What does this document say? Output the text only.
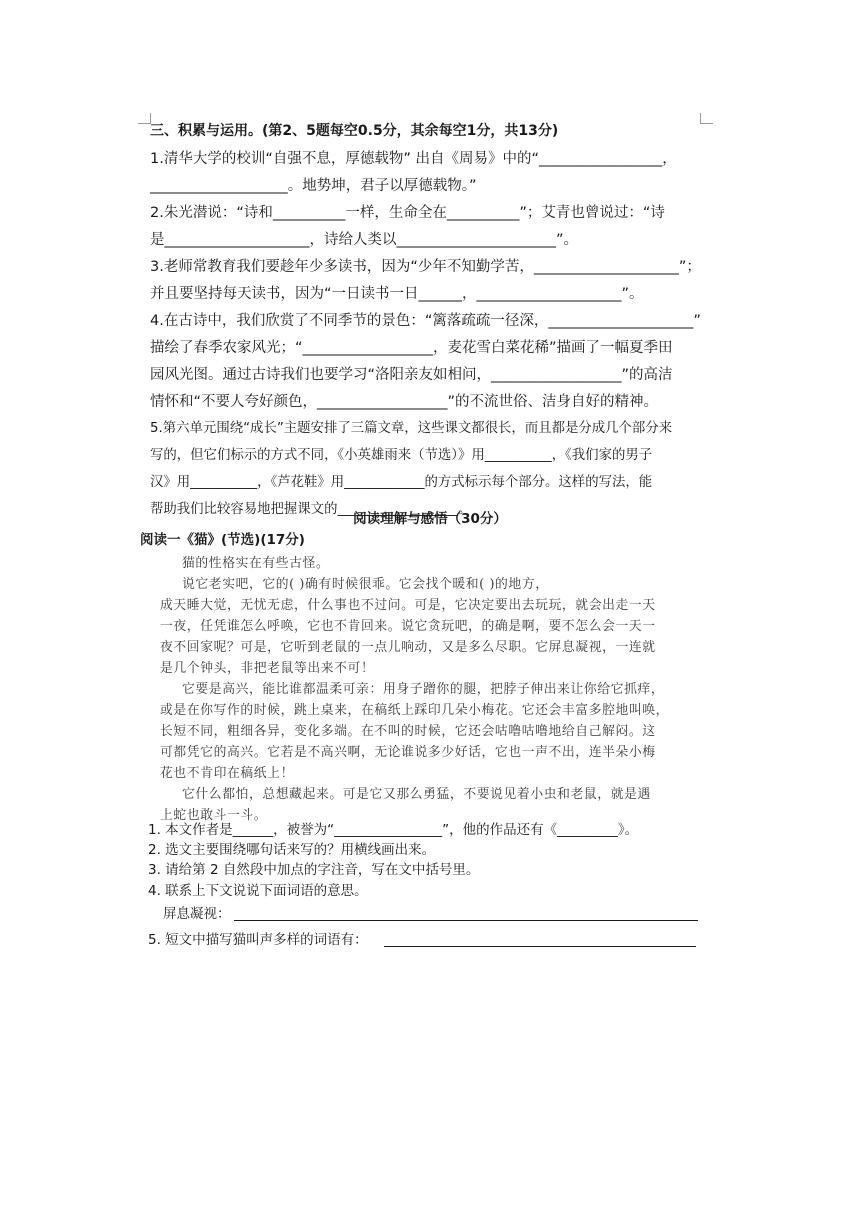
三、积累与运用。(第2、5题每空0.5分，其余每空1分，共13分)
1.清华大学的校训“自强不息，厚德载物” 出自《周易》中的“_________________，
___________________。地势坤，君子以厚德载物。”
2.朱光潜说：“诗和__________一样，生命全在__________”；艾青也曾说过：“诗
是____________________，诗给人类以______________________”。
3.老师常教育我们要趁年少多读书，因为“少年不知勤学苦，____________________”；
并且要坚持每天读书，因为“一日读书一日______，____________________”。
4.在古诗中，我们欣赏了不同季节的景色：“篱落疏疏一径深，____________________”
描绘了春季农家风光；“__________________，麦花雪白菜花稀”描画了一幅夏季田
园风光图。通过古诗我们也要学习“洛阳亲友如相问，__________________”的高洁
情怀和“不要人夸好颜色，__________________”的不流世俗、洁身自好的精神。
5.第六单元围绕“成长”主题安排了三篇文章，这些课文都很长，而且都是分成几个部分来
写的，但它们标示的方式不同，《小英雄雨来（节选）》用__________，《我们家的男子
汉》用__________，《芦花鞋》用____________的方式标示每个部分。这样的写法，能
帮助我们比较容易地把握课文的__________________。
阅读理解与感悟（30分）
阅读一《猫》(节选)(17分)
猫的性格实在有些古怪。
说它老实吧，它的( )确有时候很乖。它会找个暖和( )的地方，
成天睡大觉，无忧无虑，什么事也不过问。可是，它决定要出去玩玩，就会出走一天
一夜，任凭谁怎么呼唤，它也不肯回来。说它贪玩吧，的确是啊，要不怎么会一天一
夜不回家呢？可是，它听到老鼠的一点儿响动，又是多么尽职。它屏息凝视，一连就
是几个钟头，非把老鼠等出来不可！
它要是高兴，能比谁都温柔可亲：用身子蹭你的腿，把脖子伸出来让你给它抓痒，
或是在你写作的时候，跳上桌来，在稿纸上踩印几朵小梅花。它还会丰富多腔地叫唤，
长短不同，粗细各异，变化多端。在不叫的时候，它还会咕噜咕噜地给自己解闷。这
可都凭它的高兴。它若是不高兴啊，无论谁说多少好话，它也一声不出，连半朵小梅
花也不肯印在稿纸上！
它什么都怕，总想藏起来。可是它又那么勇猛，不要说见着小虫和老鼠，就是遇
上蛇也敢斗一斗。
1. 本文作者是______，被誉为“________________”，他的作品还有《_________》。
2. 选文主要围绕哪句话来写的？用横线画出来。
3. 请给第 2 自然段中加点的字注音，写在文中括号里。
4. 联系上下文说说下面词语的意思。
屏息凝视：
5. 短文中描写猫叫声多样的词语有：
